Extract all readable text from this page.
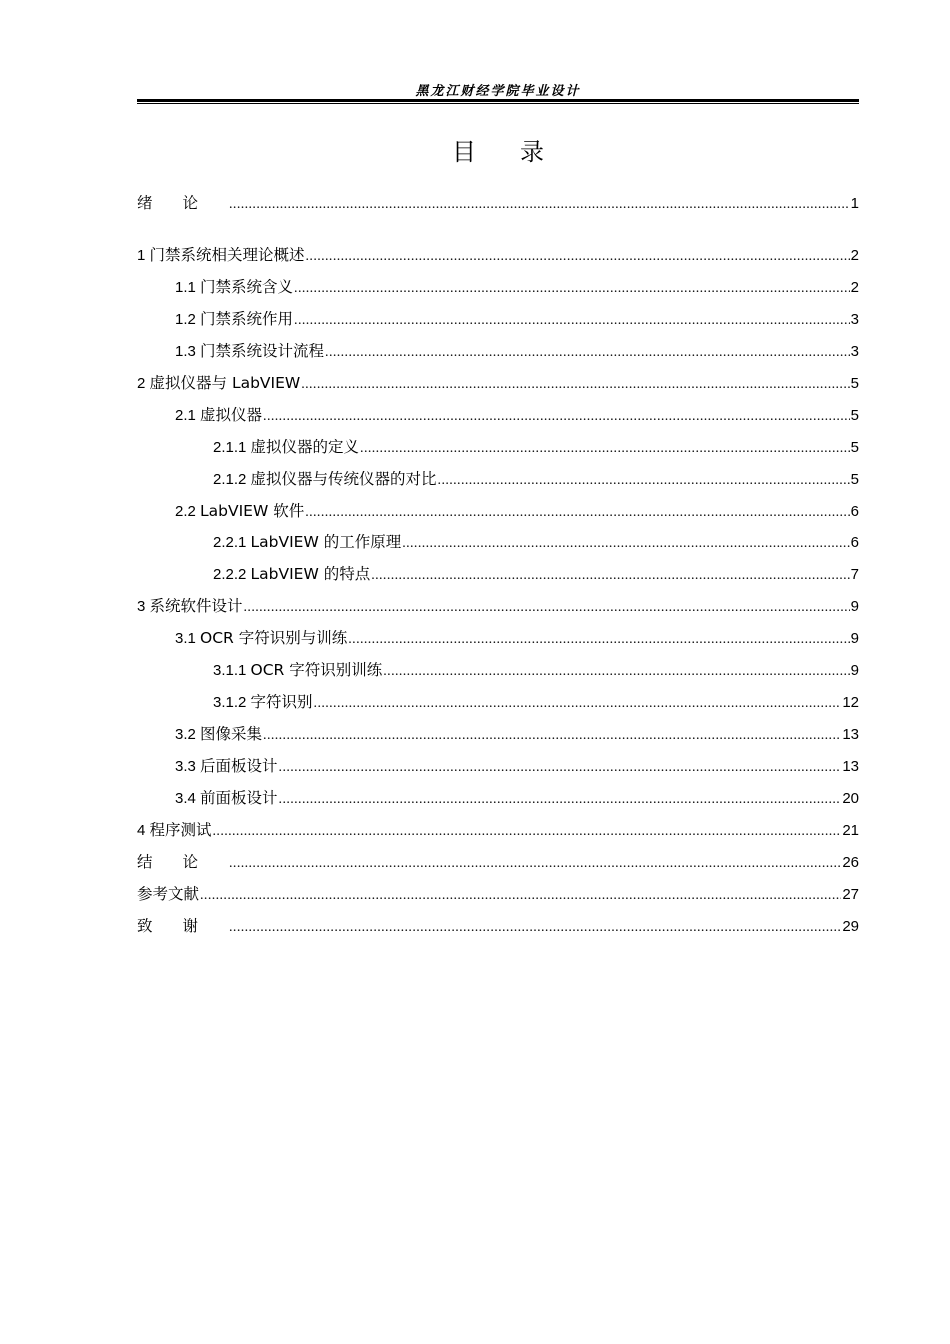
黑龙江财经学院毕业设计
目录
绪论 .....	1
1 门禁系统相关理论概述 .....	2
1.1 门禁系统含义 .....	2
1.2 门禁系统作用 .....	3
1.3 门禁系统设计流程 .....	3
2 虚拟仪器与 LabVIEW .....	5
2.1 虚拟仪器 .....	5
2.1.1 虚拟仪器的定义 .....	5
2.1.2 虚拟仪器与传统仪器的对比 .....	5
2.2 LabVIEW 软件 .....	6
2.2.1 LabVIEW 的工作原理 .....	6
2.2.2 LabVIEW 的特点 .....	7
3 系统软件设计 .....	9
3.1 OCR 字符识别与训练 .....	9
3.1.1 OCR 字符识别训练 .....	9
3.1.2 字符识别 .....	12
3.2 图像采集 .....	13
3.3 后面板设计 .....	13
3.4 前面板设计 .....	20
4 程序测试 .....	21
结论 .....	26
参考文献 .....	27
致谢 .....	29
